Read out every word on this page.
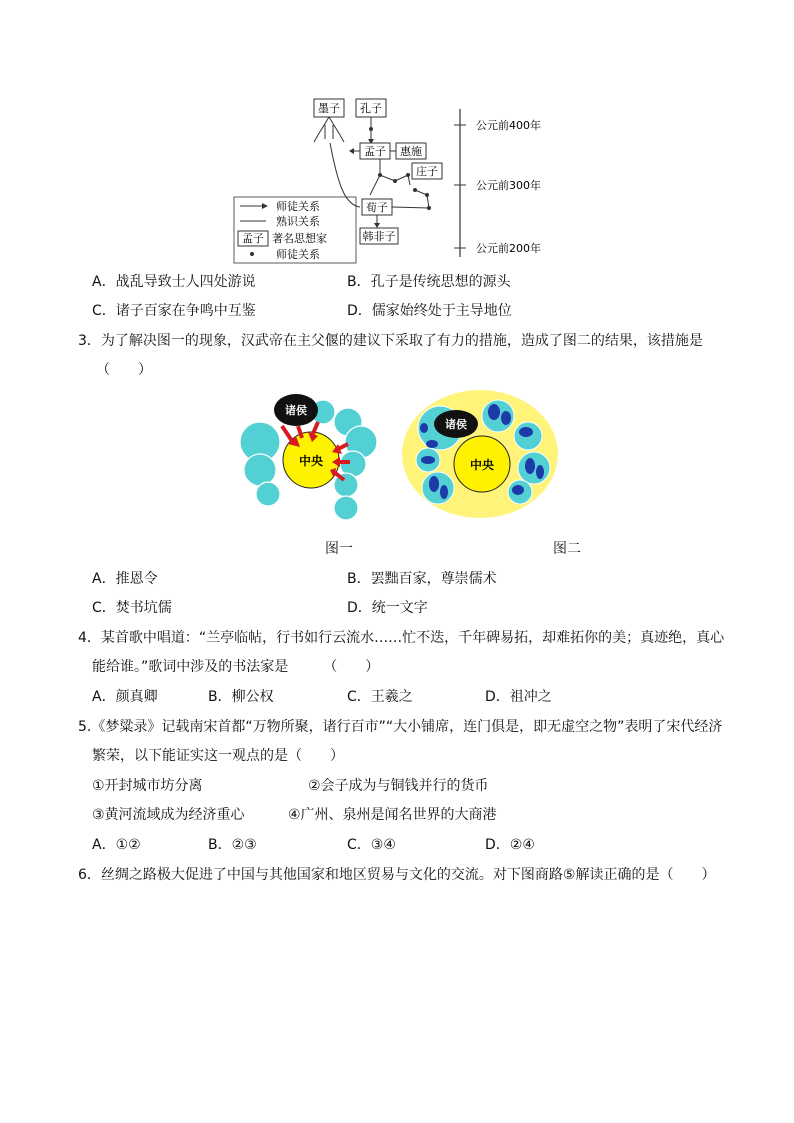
墨子 孔子
孟子 惠施
庄子
荀子
韩非子
师徒关系
熟识关系
孟子 著名思想家
师徒关系
公元前400年
公元前300年
公元前200年
A．战乱导致士人四处游说	B．孔子是传统思想的源头
C．诸子百家在争鸣中互鉴	D．儒家始终处于主导地位
3．为了解决图一的现象，汉武帝在主父偃的建议下采取了有力的措施，造成了图二的结果，该措施是
（　　）
中央
诸侯
中央
诸侯
图一	图二
A．推恩令	B．罢黜百家，尊崇儒术
C．焚书坑儒	D．统一文字
4．某首歌中唱道：“兰亭临帖，行书如行云流水……忙不迭，千年碑易拓，却难拓你的美；真迹绝，真心
能给谁。”歌词中涉及的书法家是　　　（　　）
A．颜真卿	B．柳公权	C．王羲之	D．祖冲之
5.《梦粱录》记载南宋首都“万物所聚，诸行百市”“大小铺席，连门俱是，即无虚空之物”表明了宋代经济
繁荣，以下能证实这一观点的是（　　）
①开封城市坊分离	②会子成为与铜钱并行的货币
③黄河流域成为经济重心	④广州、泉州是闻名世界的大商港
A．①②	B．②③	C．③④	D．②④
6．丝绸之路极大促进了中国与其他国家和地区贸易与文化的交流。对下图商路⑤解读正确的是（　　）
